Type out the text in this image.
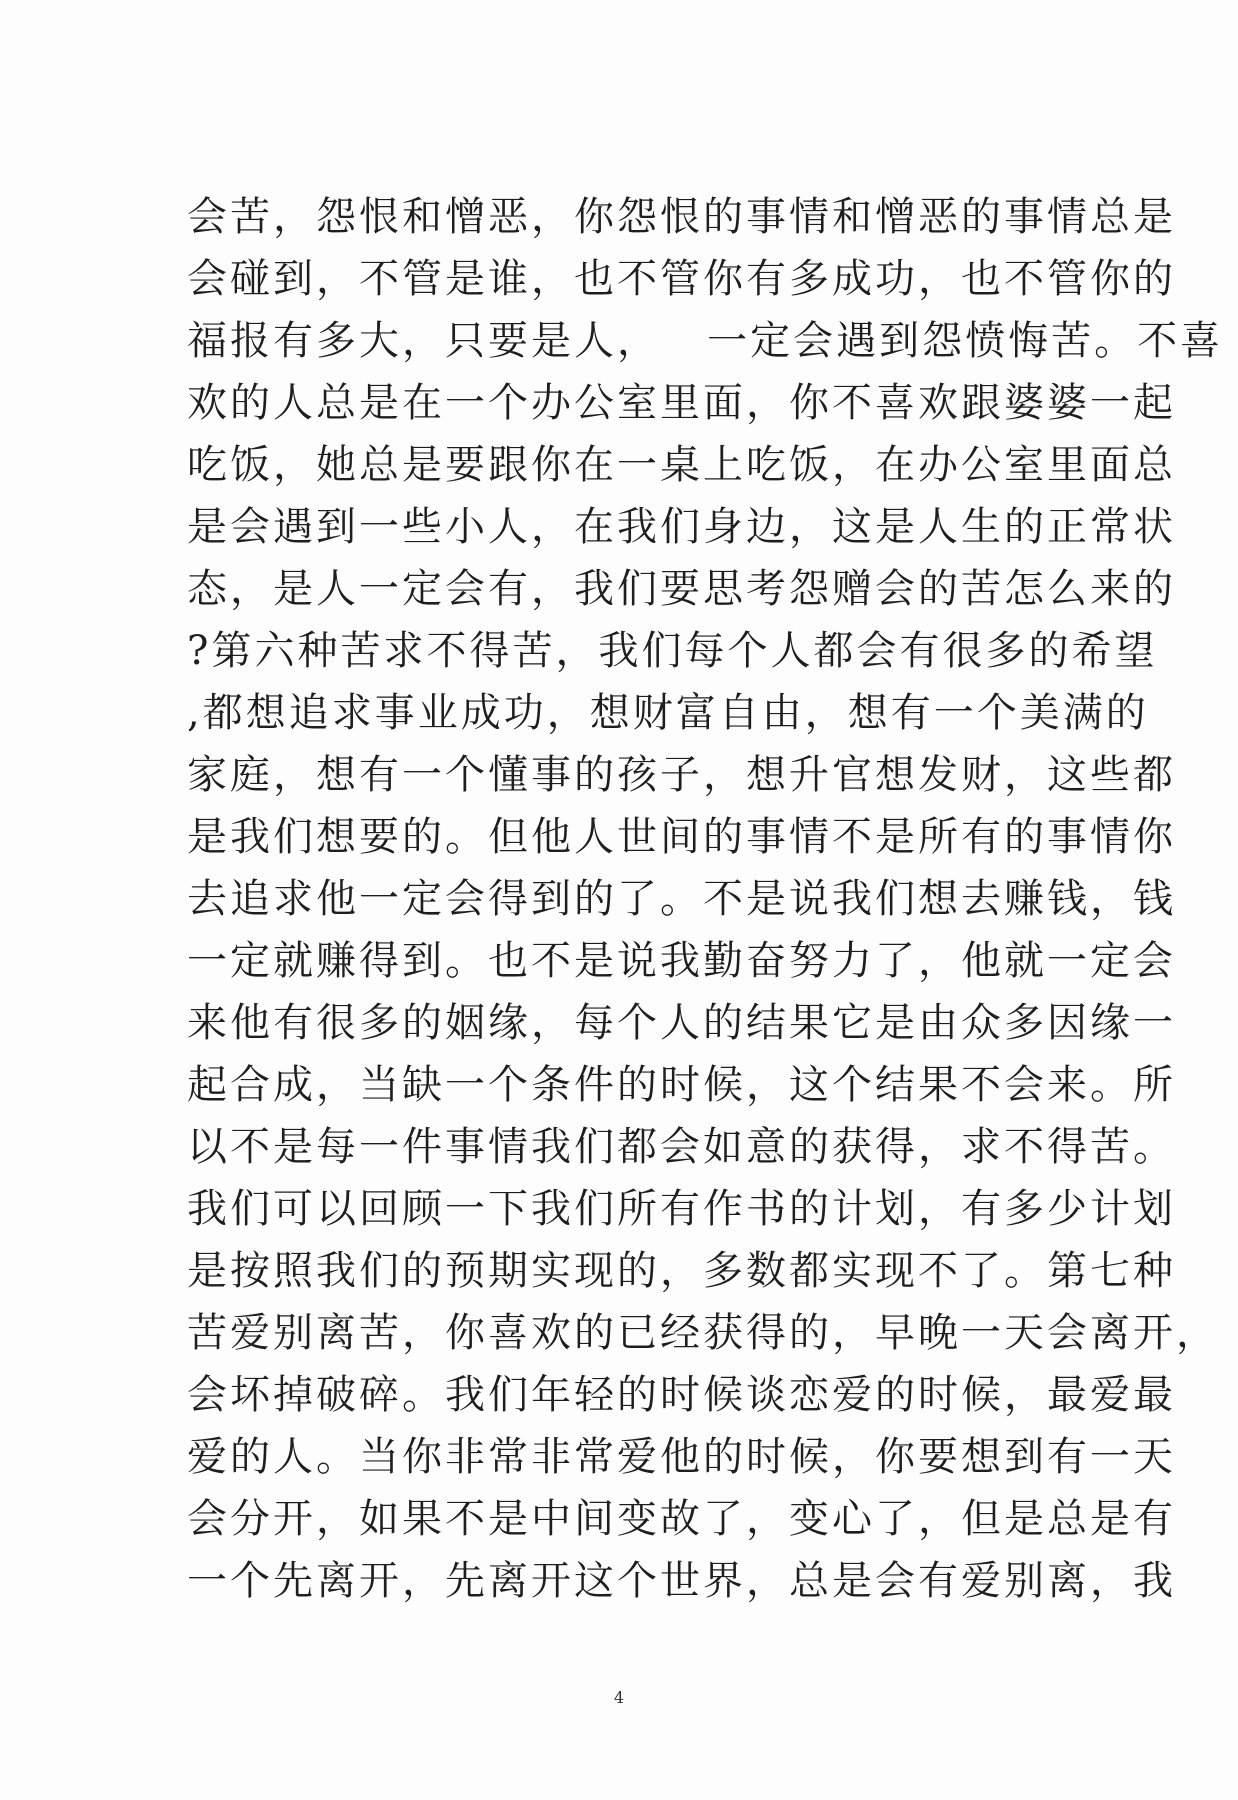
会苦，怨恨和憎恶，你怨恨的事情和憎恶的事情总是
会碰到，不管是谁，也不管你有多成功，也不管你的
福报有多大，只要是人，   一定会遇到怨愤悔苦。不喜
欢的人总是在一个办公室里面，你不喜欢跟婆婆一起
吃饭，她总是要跟你在一桌上吃饭，在办公室里面总
是会遇到一些小人，在我们身边，这是人生的正常状
态，是人一定会有，我们要思考怨赠会的苦怎么来的
?第六种苦求不得苦，我们每个人都会有很多的希望
,都想追求事业成功，想财富自由，想有一个美满的
家庭，想有一个懂事的孩子，想升官想发财，这些都
是我们想要的。但他人世间的事情不是所有的事情你
去追求他一定会得到的了。不是说我们想去赚钱，钱
一定就赚得到。也不是说我勤奋努力了，他就一定会
来他有很多的姻缘，每个人的结果它是由众多因缘一
起合成，当缺一个条件的时候，这个结果不会来。所
以不是每一件事情我们都会如意的获得，求不得苦。
我们可以回顾一下我们所有作书的计划，有多少计划
是按照我们的预期实现的，多数都实现不了。第七种
苦爱别离苦，你喜欢的已经获得的，早晚一天会离开，
会坏掉破碎。我们年轻的时候谈恋爱的时候，最爱最
爱的人。当你非常非常爱他的时候，你要想到有一天
会分开，如果不是中间变故了，变心了，但是总是有
一个先离开，先离开这个世界，总是会有爱别离，我
4
